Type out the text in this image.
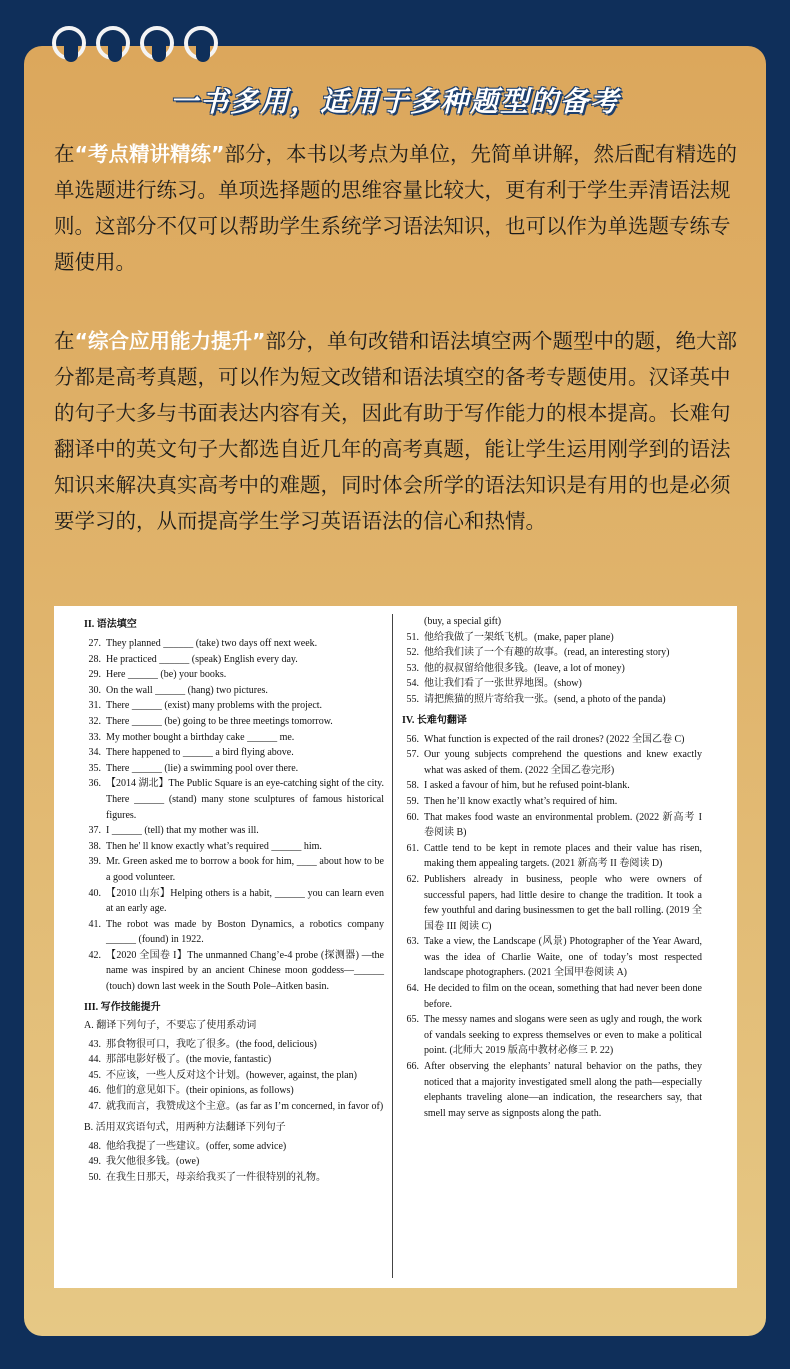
一书多用，适用于多种题型的备考
在“考点精讲精练”部分，本书以考点为单位，先简单讲解，然后配有精选的单选题进行练习。单项选择题的思维容量比较大，更有利于学生弄清语法规则。这部分不仅可以帮助学生系统学习语法知识，也可以作为单选题专练专题使用。
在“综合应用能力提升”部分，单句改错和语法填空两个题型中的题，绝大部分都是高考真题，可以作为短文改错和语法填空的备考专题使用。汉译英中的句子大多与书面表达内容有关，因此有助于写作能力的根本提高。长难句翻译中的英文句子大都选自近几年的高考真题，能让学生运用刚学到的语法知识来解决真实高考中的难题，同时体会所学的语法知识是有用的也是必须要学习的，从而提高学生学习英语语法的信心和热情。
II. 语法填空
27. They planned ______ (take) two days off next week.
28. He practiced ______ (speak) English every day.
29. Here ______ (be) your books.
30. On the wall ______ (hang) two pictures.
31. There ______ (exist) many problems with the project.
32. There ______ (be) going to be three meetings tomorrow.
33. My mother bought a birthday cake ______ me.
34. There happened to ______ a bird flying above.
35. There ______ (lie) a swimming pool over there.
36. 【2014 湖北】The Public Square is an eye-catching sight of the city. There ______ (stand) many stone sculptures of famous historical figures.
37. I ______ (tell) that my mother was ill.
38. Then he' ll know exactly what’s required ______ him.
39. Mr. Green asked me to borrow a book for him, ____ about how to be a good volunteer.
40. 【2010 山东】Helping others is a habit, ______ you can learn even at an early age.
41. The robot was made by Boston Dynamics, a robotics company ______ (found) in 1922.
42. 【2020 全国卷 I】The unmanned Chang’e-4 probe (探测器) —the name was inspired by an ancient Chinese moon goddess—______ (touch) down last week in the South Pole–Aitken basin.
III. 写作技能提升
A. 翻译下列句子，不要忘了使用系动词
43. 那食物很可口，我吃了很多。(the food, delicious)
44. 那部电影好极了。(the movie, fantastic)
45. 不应该，一些人反对这个计划。(however, against, the plan)
46. 他们的意见如下。(their opinions, as follows)
47. 就我而言，我赞成这个主意。(as far as I’m concerned, in favor of)
B. 活用双宾语句式，用两种方法翻译下列句子
48. 他给我提了一些建议。(offer, some advice)
49. 我欠他很多钱。(owe)
50. 在我生日那天，母亲给我买了一件很特别的礼物。
(buy, a special gift)
51. 他给我做了一架纸飞机。(make, paper plane)
52. 他给我们读了一个有趣的故事。(read, an interesting story)
53. 他的叔叔留给他很多钱。(leave, a lot of money)
54. 他让我们看了一张世界地图。(show)
55. 请把熊猫的照片寄给我一张。(send, a photo of the panda)
IV. 长难句翻译
56. What function is expected of the rail drones? (2022 全国乙卷 C)
57. Our young subjects comprehend the questions and knew exactly what was asked of them. (2022 全国乙卷完形)
58. I asked a favour of him, but he refused point-blank.
59. Then he’ll know exactly what’s required of him.
60. That makes food waste an environmental problem. (2022 新高考 I 卷阅读 B)
61. Cattle tend to be kept in remote places and their value has risen, making them appealing targets. (2021 新高考 II 卷阅读 D)
62. Publishers already in business, people who were owners of successful papers, had little desire to change the tradition. It took a few youthful and daring businessmen to get the ball rolling. (2019 全国卷 III 阅读 C)
63. Take a view, the Landscape (风景) Photographer of the Year Award, was the idea of Charlie Waite, one of today’s most respected landscape photographers. (2021 全国甲卷阅读 A)
64. He decided to film on the ocean, something that had never been done before.
65. The messy names and slogans were seen as ugly and rough, the work of vandals seeking to express themselves or even to make a political point. (北师大 2019 版高中教材必修三 P. 22)
66. After observing the elephants’ natural behavior on the paths, they noticed that a majority investigated smell along the path—especially elephants traveling alone—an indication, the researchers say, that smell may serve as signposts along the path.
